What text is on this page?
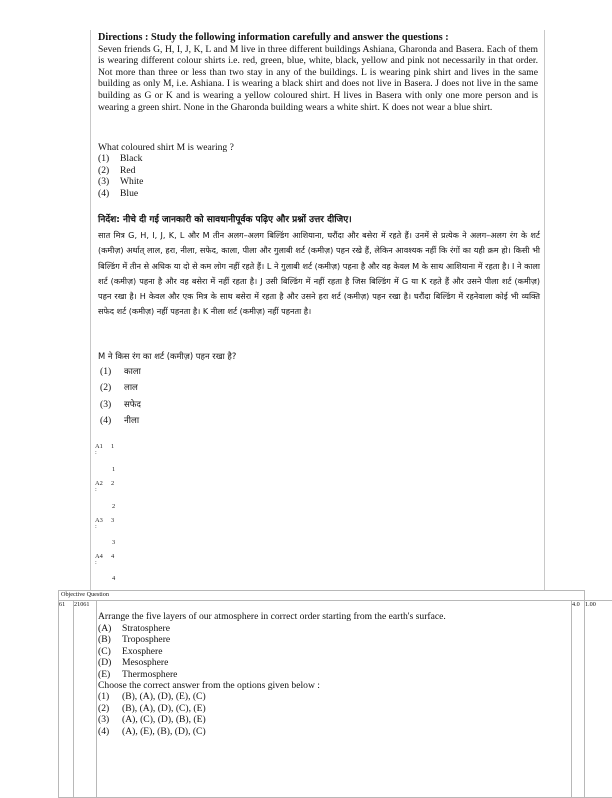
Directions : Study the following information carefully and answer the questions :
Seven friends G, H, I, J, K, L and M live in three different buildings Ashiana, Gharonda and Basera. Each of them is wearing different colour shirts i.e. red, green, blue, white, black, yellow and pink not necessarily in that order. Not more than three or less than two stay in any of the buildings. L is wearing pink shirt and lives in the same building as only M, i.e. Ashiana. I is wearing a black shirt and does not live in Basera. J does not live in the same building as G or K and is wearing a yellow coloured shirt. H lives in Basera with only one more person and is wearing a green shirt. None in the Gharonda building wears a white shirt. K does not wear a blue shirt.
What coloured shirt M is wearing ?
(1)	Black
(2)	Red
(3)	White
(4)	Blue
निर्देश: नीचे दी गई जानकारी को सावधानीपूर्वक पढ़िए और प्रश्नों उत्तर दीजिए।
सात मित्र G, H, I, J, K, L और M तीन अलग–अलग बिल्डिंग आशियाना, घरौंदा और बसेरा में रहते हैं। उनमें से प्रत्येक ने अलग–अलग रंग के शर्ट (कमीज़) अर्थात् लाल, हरा, नीला, सफेद, काला, पीला और गुलाबी शर्ट (कमीज़) पहन रखे हैं, लेकिन आवश्यक नहीं कि रंगों का यही क्रम हो। किसी भी बिल्डिंग में तीन से अधिक या दो से कम लोग नहीं रहते हैं। L ने गुलाबी शर्ट (कमीज़) पहना है और वह केवल M के साथ आशियाना में रहता है। I ने काला शर्ट (कमीज़) पहना है और वह बसेरा में नहीं रहता है। J उसी बिल्डिंग में नहीं रहता है जिस बिल्डिंग में G या K रहते हैं और उसने पीला शर्ट (कमीज़) पहन रखा है। H केवल और एक मित्र के साथ बसेरा में रहता है और उसने हरा शर्ट (कमीज़) पहन रखा है। घरौंदा बिल्डिंग में रहनेवाला कोई भी व्यक्ति सफेद शर्ट (कमीज़) नहीं पहनता है। K नीला शर्ट (कमीज़) नहीं पहनता है।
M ने किस रंग का शर्ट (कमीज़) पहन रखा है?
(1)	काला
(2)	लाल
(3)	सफेद
(4)	नीला
A1 1
:
1
A2 2
:
2
A3 3
:
3
A4 4
:
4
Objective Question
61	21061		4.0	1.00
Arrange the five layers of our atmosphere in correct order starting from the earth's surface.
(A)	Stratosphere
(B)	Troposphere
(C)	Exosphere
(D)	Mesosphere
(E)	Thermosphere
Choose the correct answer from the options given below :
(1)	(B), (A), (D), (E), (C)
(2)	(B), (A), (D), (C), (E)
(3)	(A), (C), (D), (B), (E)
(4)	(A), (E), (B), (D), (C)
